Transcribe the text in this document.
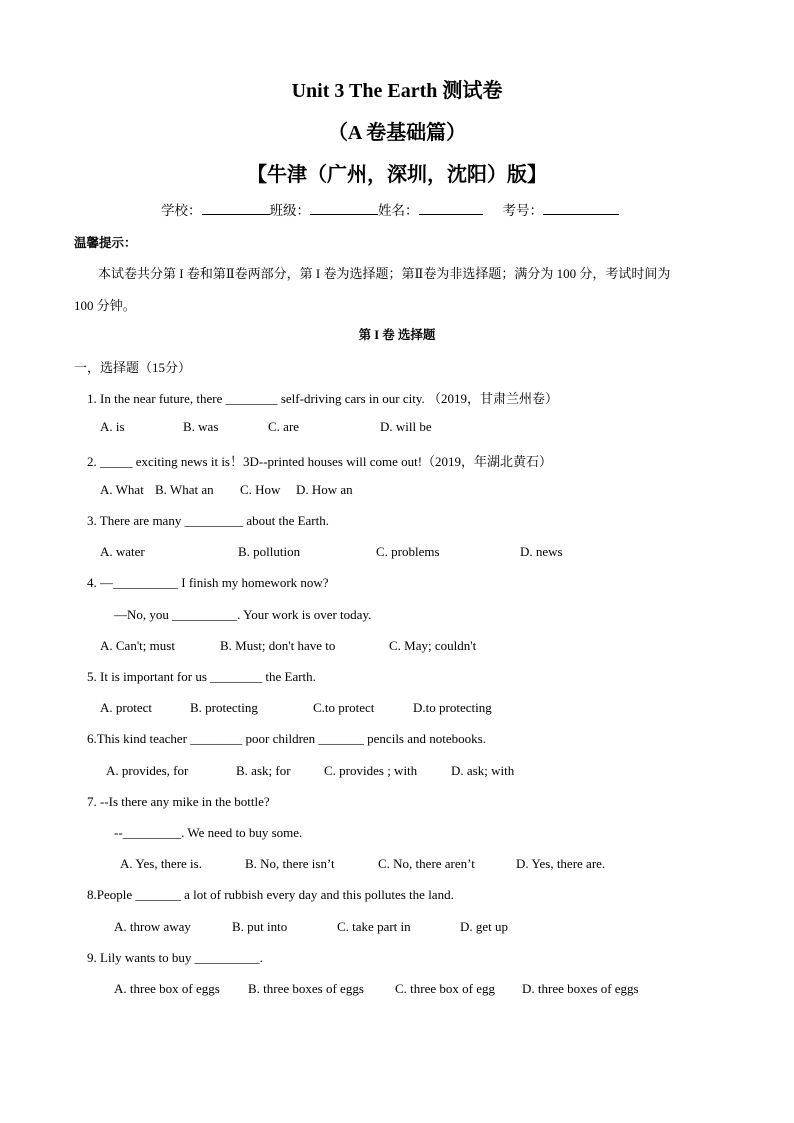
Unit 3 The Earth 测试卷
（A 卷基础篇）
【牛津（广州，深圳，沈阳）版】
学校：	班级：	姓名：	考号：
温馨提示：
本试卷共分第 I 卷和第Ⅱ卷两部分，第 I 卷为选择题；第Ⅱ卷为非选择题；满分为 100 分，考试时间为
100 分钟。
第 I 卷 选择题
一，选择题（15分）
1. In the near future, there ________ self-driving cars in our city. （2019，甘肃兰州卷）
A. is	B. was	C. are	D. will be
2. _____ exciting news it is！3D--printed houses will come out!（2019，年湖北黄石）
A. What B. What an C. How D. How an
3. There are many _________ about the Earth.
A. water	B. pollution	C. problems	D. news
4. —__________ I finish my homework now?
—No, you __________. Your work is over today.
A. Can't; must	B. Must; don't have to	C. May; couldn't
5. It is important for us ________ the Earth.
A. protect	B. protecting	C.to protect	D.to protecting
6.This kind teacher ________ poor children _______ pencils and notebooks.
A. provides, for	B. ask; for	C. provides ; with	D. ask; with
7. --Is there any mike in the bottle?
--_________. We need to buy some.
A. Yes, there is.	B. No, there isn’t	C. No, there aren’t	D. Yes, there are.
8.People _______ a lot of rubbish every day and this pollutes the land.
A. throw away	B. put into	C. take part in	D. get up
9. Lily wants to buy __________.
A. three box of eggs B. three boxes of eggs C. three box of egg D. three boxes of eggs
